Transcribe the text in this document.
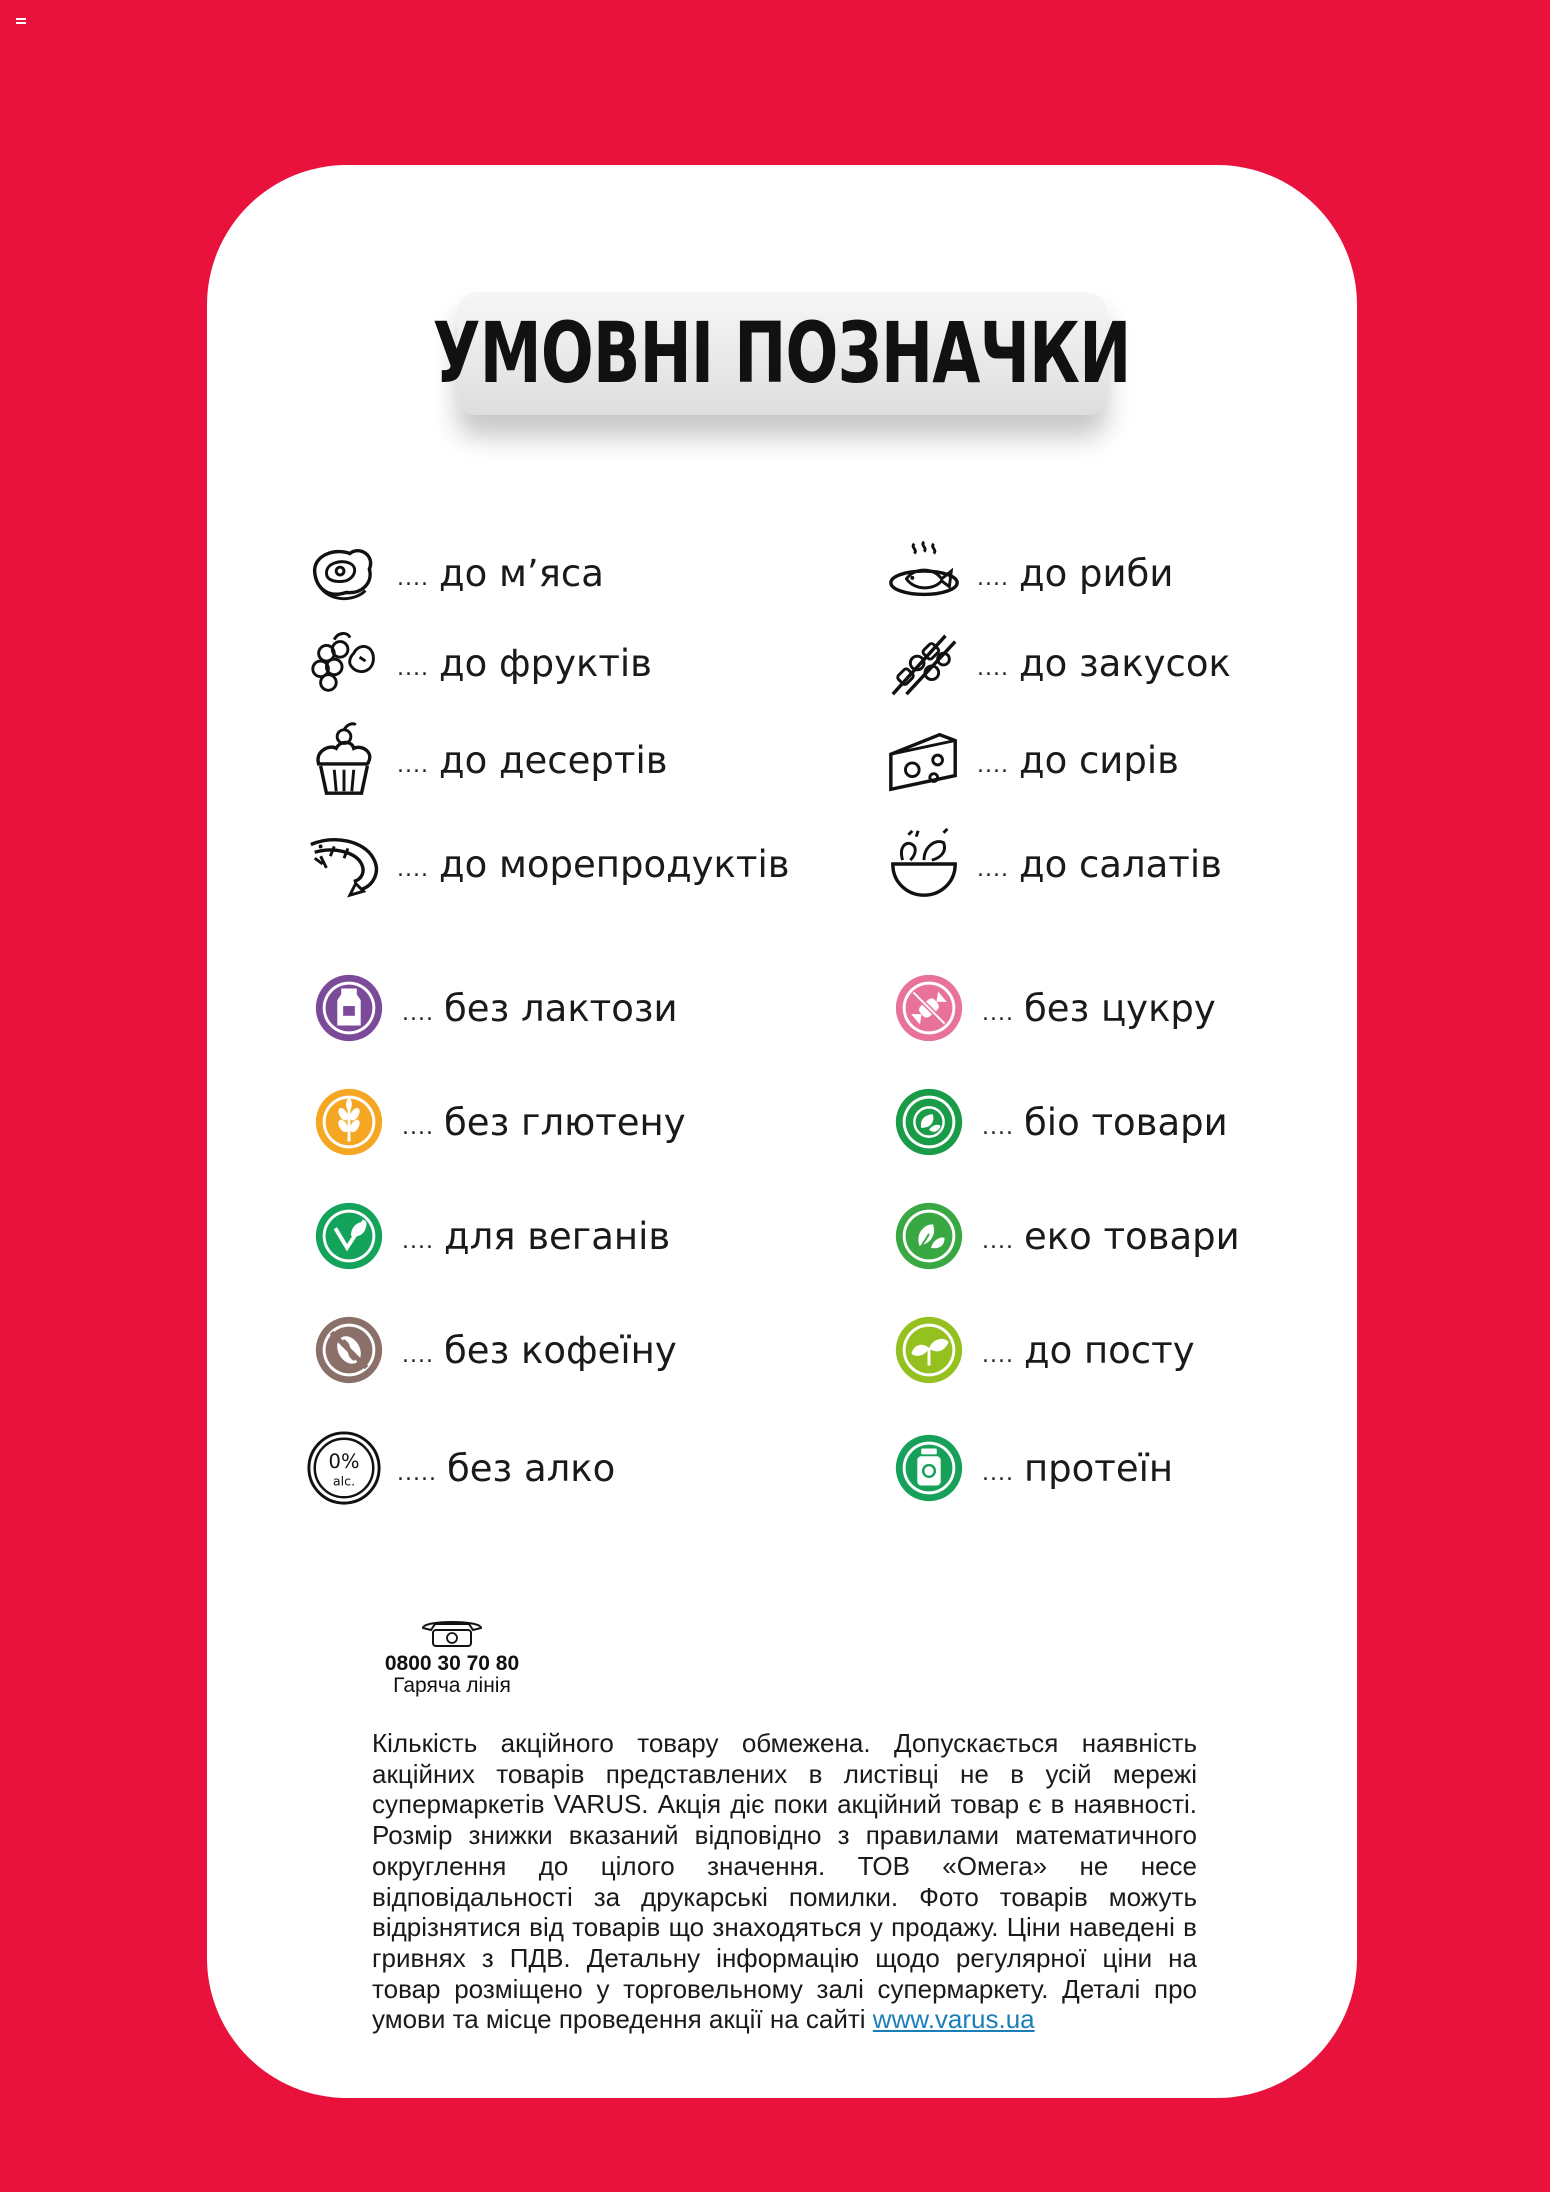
УМОВНІ ПОЗНАЧКИ
.... до м’яса	.... до риби
.... до фруктів	.... до закусок
.... до десертів	.... до сирів
.... до морепродуктів	.... до салатів
.... без лактози	.... без цукру
.... без глютену	.... біо товари
.... для веганів	.... еко товари
.... без кофеїну	.... до посту
0%
alc. ..... без алко	.... протеїн
0800 30 70 80
Гаряча лінія
Кількість акційного товару обмежена. Допускається наявність акційних товарів представлених в листівці не в усій мережі супермаркетів VARUS. Акція діє поки акційний товар є в наявності. Розмір знижки вказаний відповідно з правилами математичного округлення до цілого значення. ТОВ «Омега» не несе відповідальності за друкарські помилки. Фото товарів можуть відрізнятися від товарів що знаходяться у продажу. Ціни наведені в гривнях з ПДВ. Детальну інформацію щодо регулярної ціни на товар розміщено у торговельному залі супермаркету. Деталі про умови та місце проведення акції на сайті www.varus.ua
